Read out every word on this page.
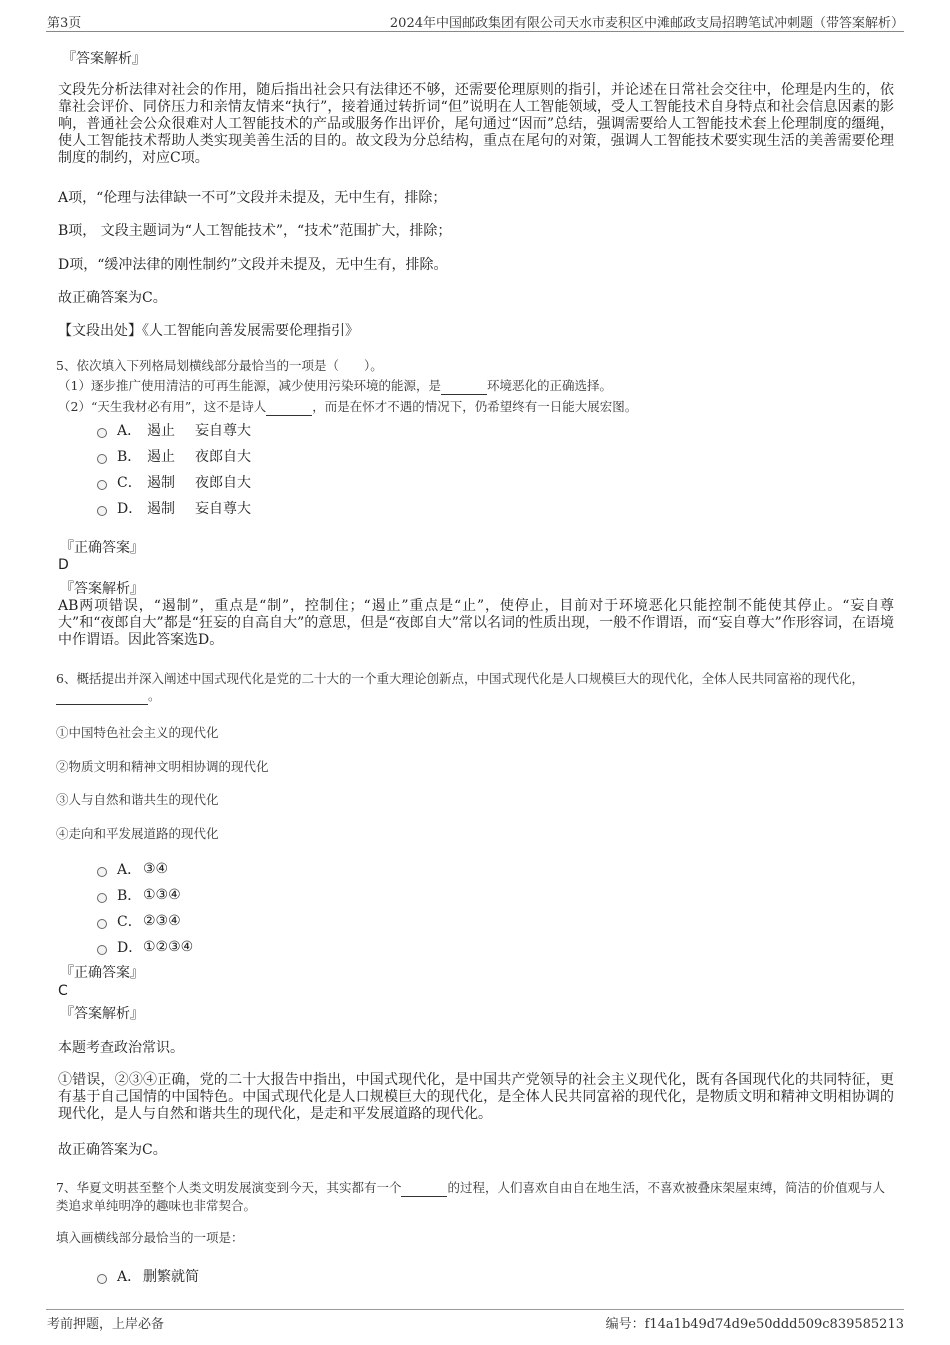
第3页	2024年中国邮政集团有限公司天水市麦积区中滩邮政支局招聘笔试冲刺题（带答案解析）
『答案解析』
文段先分析法律对社会的作用，随后指出社会只有法律还不够，还需要伦理原则的指引，并论述在日常社会交往中，伦理是内生的，依靠社会评价、同侪压力和亲情友情来“执行”，接着通过转折词“但”说明在人工智能领域，受人工智能技术自身特点和社会信息因素的影响，普通社会公众很难对人工智能技术的产品或服务作出评价，尾句通过“因而”总结，强调需要给人工智能技术套上伦理制度的缰绳，使人工智能技术帮助人类实现美善生活的目的。故文段为分总结构，重点在尾句的对策，强调人工智能技术要实现生活的美善需要伦理制度的制约，对应C项。
A项，“伦理与法律缺一不可”文段并未提及，无中生有，排除；
B项， 文段主题词为“人工智能技术”，“技术”范围扩大，排除；
D项，“缓冲法律的刚性制约”文段并未提及，无中生有，排除。
故正确答案为C。
【文段出处】《人工智能向善发展需要伦理指引》
5、依次填入下列格局划横线部分最恰当的一项是（　　）。
（1）逐步推广使用清洁的可再生能源，减少使用污染环境的能源，是	环境恶化的正确选择。
（2）“天生我材必有用”，这不是诗人	，而是在怀才不遇的情况下，仍希望终有一日能大展宏图。
A． 遏止	妄自尊大
B． 遏止	夜郎自大
C． 遏制	夜郎自大
D． 遏制	妄自尊大
『正确答案』
D
『答案解析』
AB两项错误，“遏制”，重点是“制”，控制住；“遏止”重点是“止”，使停止，目前对于环境恶化只能控制不能使其停止。“妄自尊大”和“夜郎自大”都是“狂妄的自高自大”的意思，但是“夜郎自大”常以名词的性质出现，一般不作谓语，而“妄自尊大”作形容词，在语境中作谓语。因此答案选D。
6、概括提出并深入阐述中国式现代化是党的二十大的一个重大理论创新点，中国式现代化是人口规模巨大的现代化，全体人民共同富裕的现代化， 。
①中国特色社会主义的现代化
②物质文明和精神文明相协调的现代化
③人与自然和谐共生的现代化
④走向和平发展道路的现代化
A． ③④
B． ①③④
C． ②③④
D． ①②③④
『正确答案』
C
『答案解析』
本题考查政治常识。
①错误，②③④正确，党的二十大报告中指出，中国式现代化，是中国共产党领导的社会主义现代化，既有各国现代化的共同特征，更有基于自己国情的中国特色。中国式现代化是人口规模巨大的现代化，是全体人民共同富裕的现代化，是物质文明和精神文明相协调的现代化，是人与自然和谐共生的现代化，是走和平发展道路的现代化。
故正确答案为C。
7、华夏文明甚至整个人类文明发展演变到今天，其实都有一个	的过程，人们喜欢自由自在地生活，不喜欢被叠床架屋束缚，简洁的价值观与人类追求单纯明净的趣味也非常契合。
填入画横线部分最恰当的一项是：
A． 删繁就简
考前押题，上岸必备	编号：f14a1b49d74d9e50ddd509c839585213
